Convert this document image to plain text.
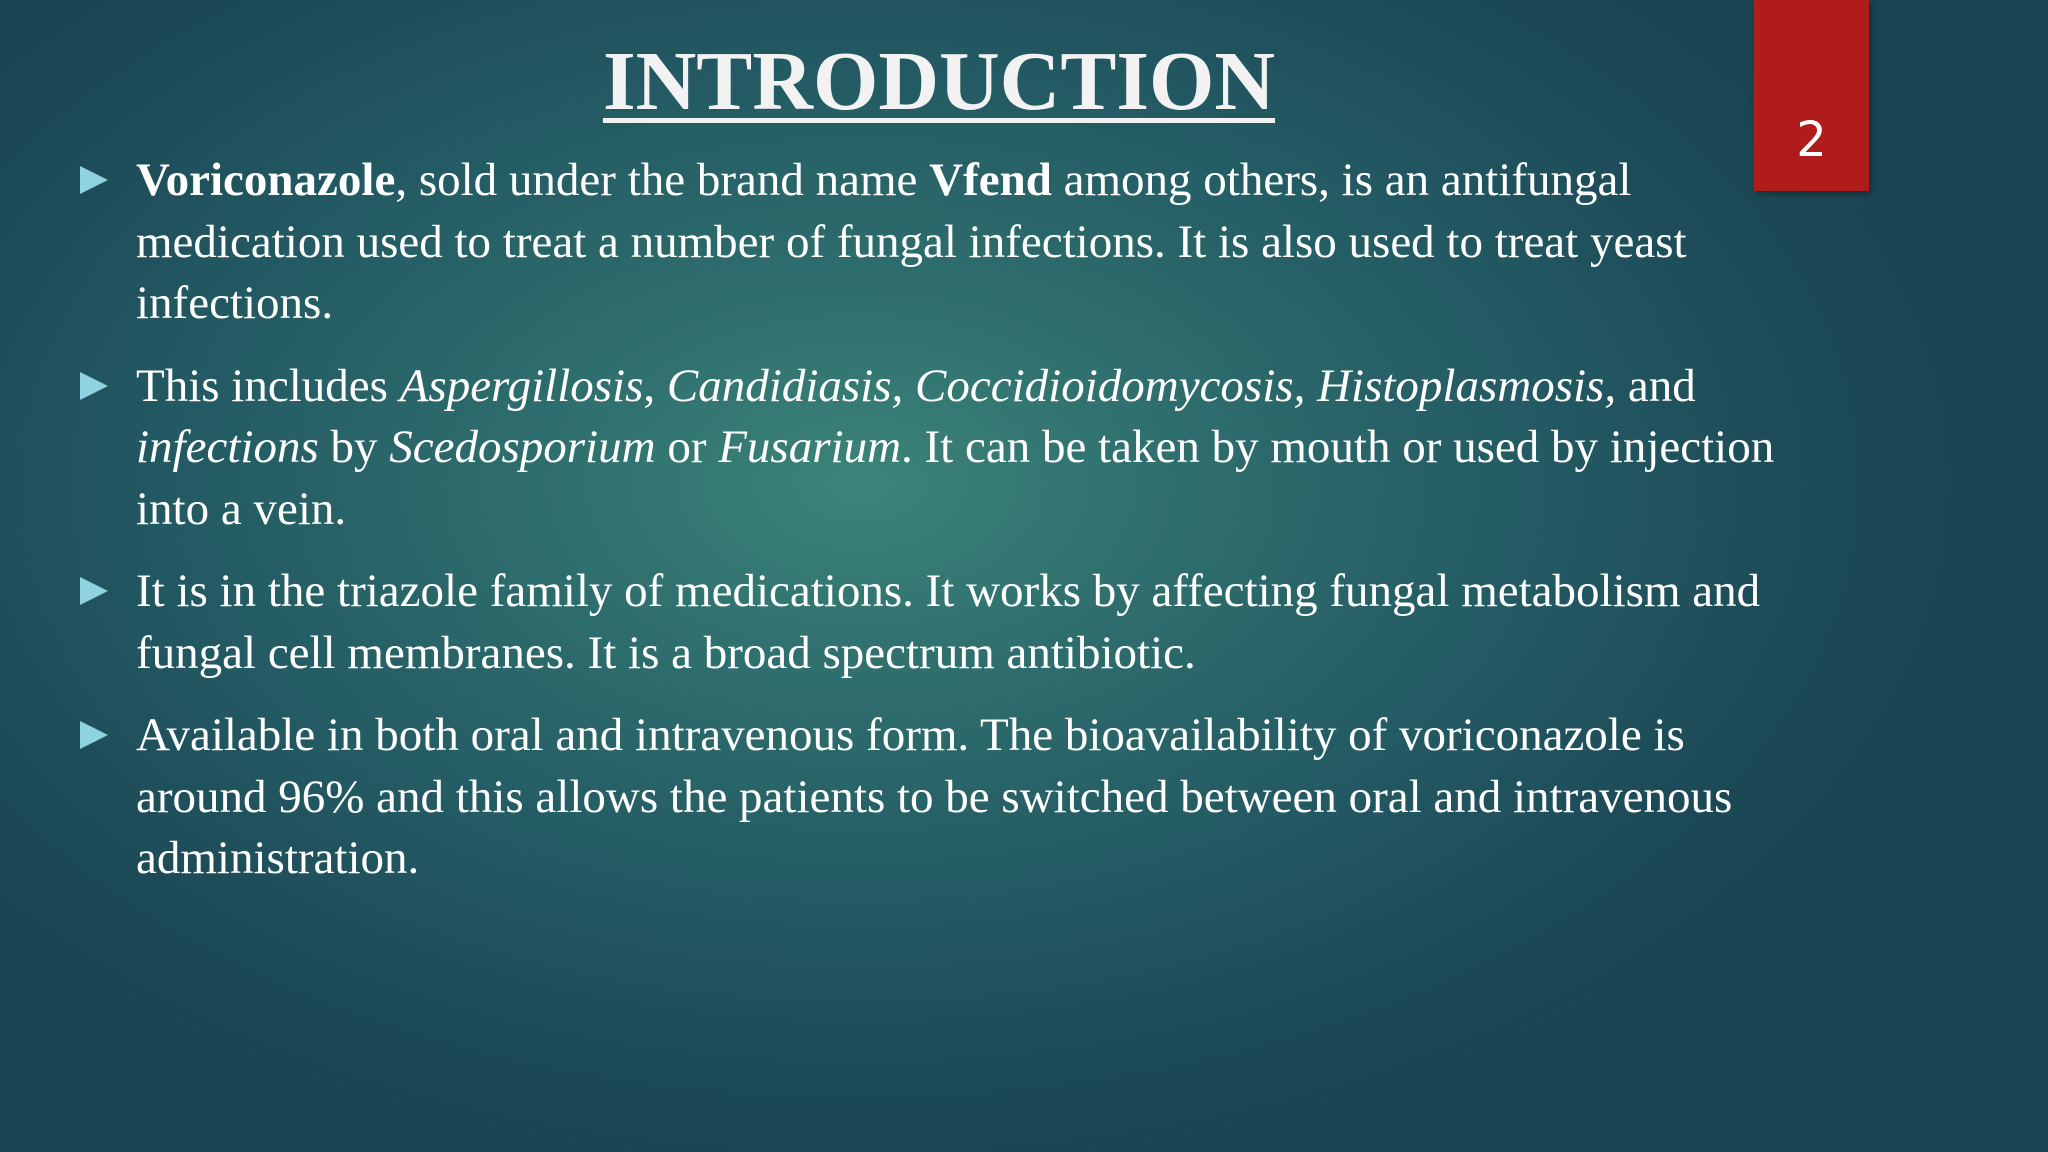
2
INTRODUCTION
Voriconazole, sold under the brand name Vfend among others, is an antifungal medication used to treat a number of fungal infections. It is also used to treat yeast infections.
This includes Aspergillosis, Candidiasis, Coccidioidomycosis, Histoplasmosis, and infections by Scedosporium or Fusarium. It can be taken by mouth or used by injection into a vein.
It is in the triazole family of medications. It works by affecting fungal metabolism and fungal cell membranes. It is a broad spectrum antibiotic.
Available in both oral and intravenous form. The bioavailability of voriconazole is around 96% and this allows the patients to be switched between oral and intravenous administration.
